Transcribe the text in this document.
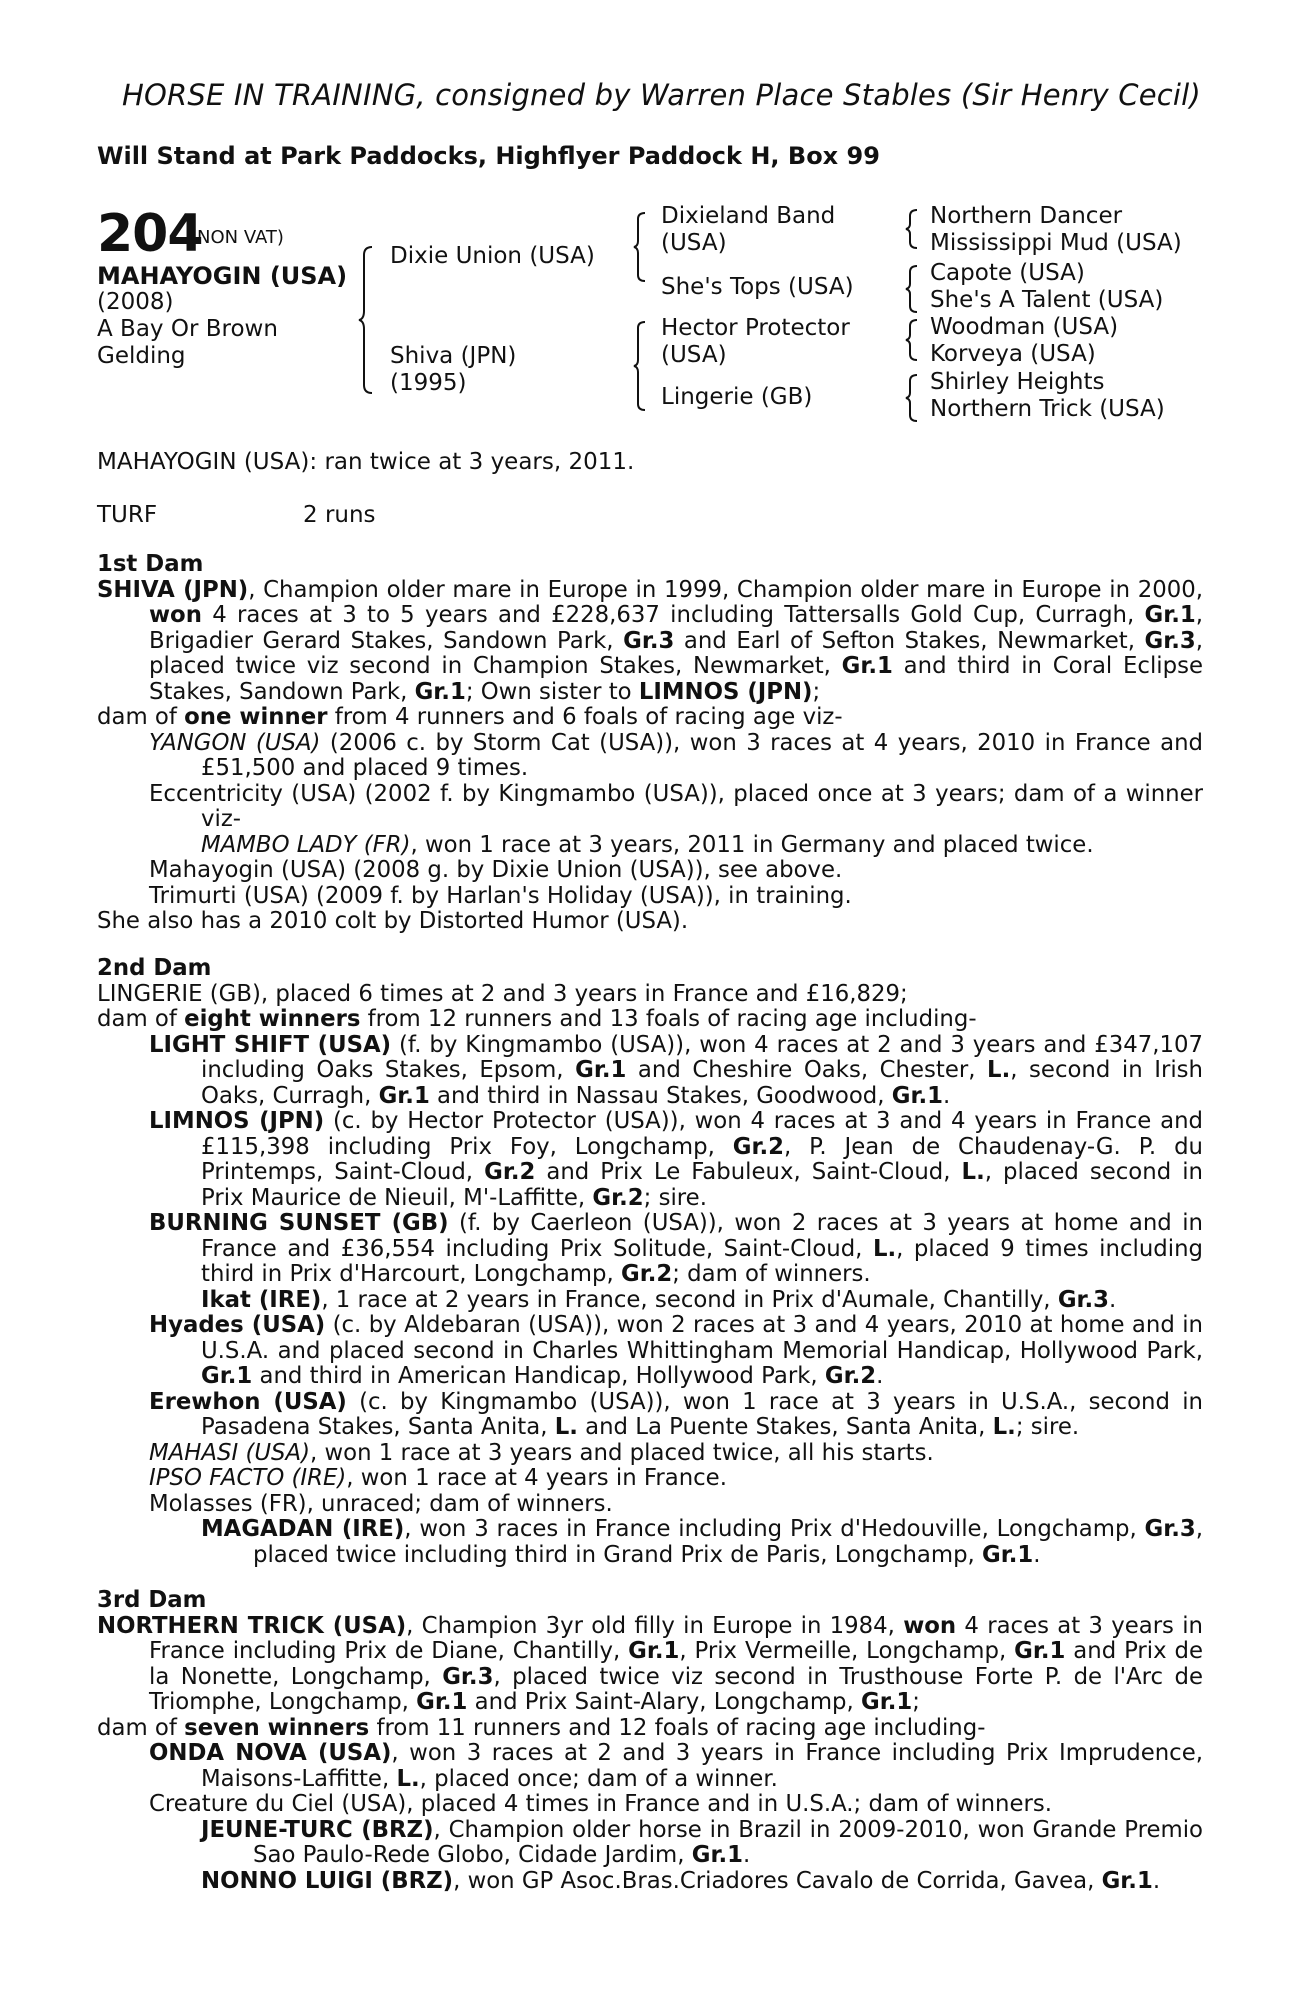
HORSE IN TRAINING, consigned by Warren Place Stables (Sir Henry Cecil)
Will Stand at Park Paddocks, Highflyer Paddock H, Box 99
204
(NON VAT)
MAHAYOGIN (USA)
(2008)
A Bay Or Brown
Gelding
Dixie Union (USA)
Shiva (JPN)
(1995)
Dixieland Band
(USA)
She's Tops (USA)
Hector Protector
(USA)
Lingerie (GB)
Northern Dancer
Mississippi Mud (USA)
Capote (USA)
She's A Talent (USA)
Woodman (USA)
Korveya (USA)
Shirley Heights
Northern Trick (USA)
MAHAYOGIN (USA): ran twice at 3 years, 2011.
TURF	2 runs

1st Dam

SHIVA (JPN), Champion older mare in Europe in 1999, Champion older mare in Europe in 2000, won 4 races at 3 to 5 years and £228,637 including Tattersalls Gold Cup, Curragh, Gr.1, Brigadier Gerard Stakes, Sandown Park, Gr.3 and Earl of Sefton Stakes, Newmarket, Gr.3, placed twice viz second in Champion Stakes, Newmarket, Gr.1 and third in Coral Eclipse Stakes, Sandown Park, Gr.1; Own sister to LIMNOS (JPN);

dam of one winner from 4 runners and 6 foals of racing age viz-

YANGON (USA) (2006 c. by Storm Cat (USA)), won 3 races at 4 years, 2010 in France and £51,500 and placed 9 times.

Eccentricity (USA) (2002 f. by Kingmambo (USA)), placed once at 3 years; dam of a winner viz-

MAMBO LADY (FR), won 1 race at 3 years, 2011 in Germany and placed twice.

Mahayogin (USA) (2008 g. by Dixie Union (USA)), see above.

Trimurti (USA) (2009 f. by Harlan's Holiday (USA)), in training.

She also has a 2010 colt by Distorted Humor (USA).

2nd Dam

LINGERIE (GB), placed 6 times at 2 and 3 years in France and £16,829;

dam of eight winners from 12 runners and 13 foals of racing age including-

LIGHT SHIFT (USA) (f. by Kingmambo (USA)), won 4 races at 2 and 3 years and £347,107 including Oaks Stakes, Epsom, Gr.1 and Cheshire Oaks, Chester, L., second in Irish Oaks, Curragh, Gr.1 and third in Nassau Stakes, Goodwood, Gr.1.

LIMNOS (JPN) (c. by Hector Protector (USA)), won 4 races at 3 and 4 years in France and £115,398 including Prix Foy, Longchamp, Gr.2, P. Jean de Chaudenay-G. P. du Printemps, Saint-Cloud, Gr.2 and Prix Le Fabuleux, Saint-Cloud, L., placed second in Prix Maurice de Nieuil, M'-Laffitte, Gr.2; sire.

BURNING SUNSET (GB) (f. by Caerleon (USA)), won 2 races at 3 years at home and in France and £36,554 including Prix Solitude, Saint-Cloud, L., placed 9 times including third in Prix d'Harcourt, Longchamp, Gr.2; dam of winners.

Ikat (IRE), 1 race at 2 years in France, second in Prix d'Aumale, Chantilly, Gr.3.

Hyades (USA) (c. by Aldebaran (USA)), won 2 races at 3 and 4 years, 2010 at home and in U.S.A. and placed second in Charles Whittingham Memorial Handicap, Hollywood Park, Gr.1 and third in American Handicap, Hollywood Park, Gr.2.

Erewhon (USA) (c. by Kingmambo (USA)), won 1 race at 3 years in U.S.A., second in Pasadena Stakes, Santa Anita, L. and La Puente Stakes, Santa Anita, L.; sire.

MAHASI (USA), won 1 race at 3 years and placed twice, all his starts.

IPSO FACTO (IRE), won 1 race at 4 years in France.

Molasses (FR), unraced; dam of winners.

MAGADAN (IRE), won 3 races in France including Prix d'Hedouville, Longchamp, Gr.3, placed twice including third in Grand Prix de Paris, Longchamp, Gr.1.

3rd Dam

NORTHERN TRICK (USA), Champion 3yr old filly in Europe in 1984, won 4 races at 3 years in France including Prix de Diane, Chantilly, Gr.1, Prix Vermeille, Longchamp, Gr.1 and Prix de la Nonette, Longchamp, Gr.3, placed twice viz second in Trusthouse Forte P. de l'Arc de Triomphe, Longchamp, Gr.1 and Prix Saint-Alary, Longchamp, Gr.1;

dam of seven winners from 11 runners and 12 foals of racing age including-

ONDA NOVA (USA), won 3 races at 2 and 3 years in France including Prix Imprudence, Maisons-Laffitte, L., placed once; dam of a winner.

Creature du Ciel (USA), placed 4 times in France and in U.S.A.; dam of winners.

JEUNE-TURC (BRZ), Champion older horse in Brazil in 2009-2010, won Grande Premio Sao Paulo-Rede Globo, Cidade Jardim, Gr.1.

NONNO LUIGI (BRZ), won GP Asoc.Bras.Criadores Cavalo de Corrida, Gavea, Gr.1.
